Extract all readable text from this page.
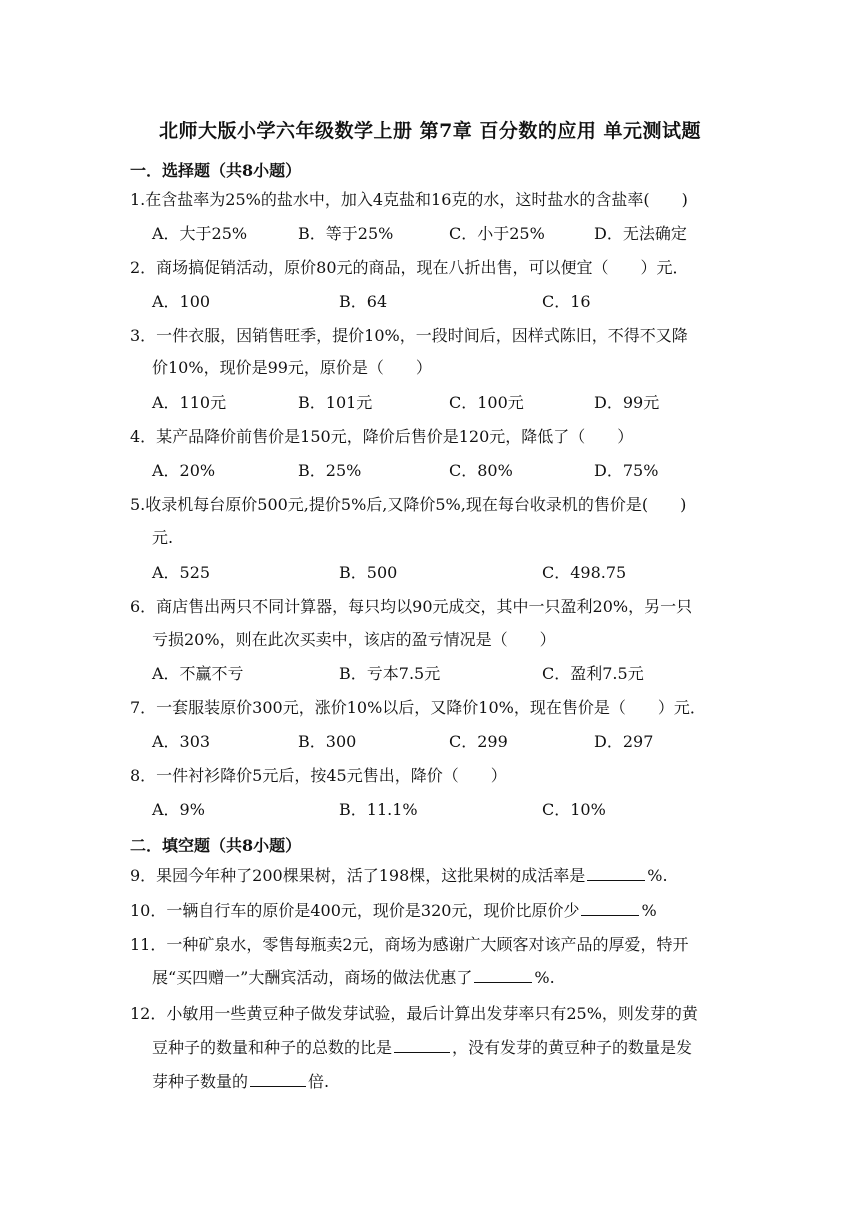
北师大版小学六年级数学上册 第7章 百分数的应用 单元测试题
一．选择题（共8小题）
1.在含盐率为25%的盐水中，加入4克盐和16克的水，这时盐水的含盐率(　　)
A．大于25%	B．等于25%	C．小于25%	D．无法确定
2．商场搞促销活动，原价80元的商品，现在八折出售，可以便宜（　　）元．
A．100	B．64	C．16
3．一件衣服，因销售旺季，提价10%，一段时间后，因样式陈旧，不得不又降
价10%，现价是99元，原价是（　　）
A．110元	B．101元	C．100元	D．99元
4．某产品降价前售价是150元，降价后售价是120元，降低了（　　）
A．20%	B．25%	C．80%	D．75%
5.收录机每台原价500元,提价5%后,又降价5%,现在每台收录机的售价是(　　)
元.
A．525	B．500	C．498.75
6．商店售出两只不同计算器，每只均以90元成交，其中一只盈利20%，另一只
亏损20%，则在此次买卖中，该店的盈亏情况是（　　）
A．不赢不亏	B．亏本7.5元	C．盈利7.5元
7．一套服装原价300元，涨价10%以后，又降价10%，现在售价是（　　）元．
A．303	B．300	C．299	D．297
8．一件衬衫降价5元后，按45元售出，降价（　　）
A．9%	B．11.1%	C．10%
二．填空题（共8小题）
9．果园今年种了200棵果树，活了198棵，这批果树的成活率是	%.
10．一辆自行车的原价是400元，现价是320元，现价比原价少	%
11．一种矿泉水，零售每瓶卖2元，商场为感谢广大顾客对该产品的厚爱，特开
展“买四赠一”大酬宾活动，商场的做法优惠了	%.
12．小敏用一些黄豆种子做发芽试验，最后计算出发芽率只有25%，则发芽的黄
豆种子的数量和种子的总数的比是	，没有发芽的黄豆种子的数量是发
芽种子数量的	倍.
